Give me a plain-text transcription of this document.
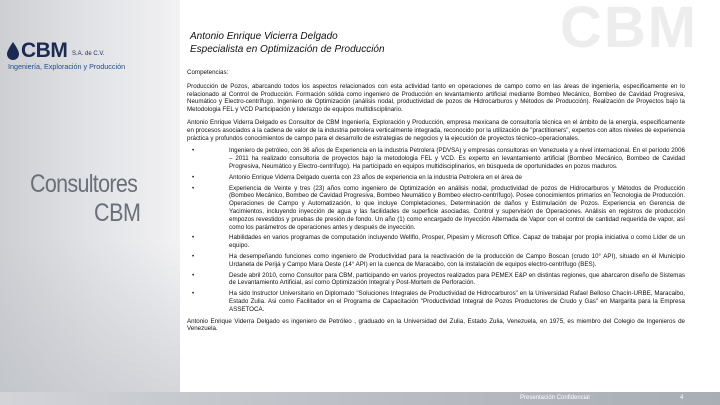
CBM S.A. de C.V.
Ingeniería, Exploración y Producción
Consultores
CBM
CBM
Antonio Enrique Vicierra Delgado
Especialista en Optimización de Producción

Competencias:

Producción de Pozos, abarcando todos los aspectos relacionados con esta actividad tanto en operaciones de campo como en las áreas de ingeniería, especificamente en lo relacionado al Control de Producción. Formación sólida como ingeniero de Producción en levantamiento artificial mediante Bombeo Mecánico, Bombeo de Cavidad Progresiva, Neumático y Electro-centrífugo. Ingeniero de Optimización (análisis nodal, productividad de pozos de Hidrocarburos y Métodos de Producción). Realización de Proyectos bajo la Metodologia FEL y VCD Participación y liderazgo de equipos multidisciplinario.

Antonio Enrique Viderra Delgado es Consultor de CBM Ingeniería, Exploración y Producción, empresa mexicana de consultoría técnica en el ámbito de la energía, especificamente en procesos asociados a la cadena de valor de la industria petrolera verticalmente integrada, reconocido por la utilización de "practitioners", expertos con altos niveles de experiencia práctica y profundos conocimientos de campo para el desarrollo de estrategias de negocios y la ejecución de proyectos técnico–operacionales.

•	Ingeniero de petróleo, con 36 años de Experiencia en la industria Petrolera (PDVSA) y empresas consultoras en Venezuela y a nivel internacional. En el período 2006 – 2011 ha realizado consultoria de proyectos bajo la metodologia FEL y VCD. Es experto en levantamiento artificial (Bombeo Mecánico, Bombeo de Cavidad Progresiva, Neumático y Electro-centrífugo). Ha participado en equipos multidisciplinarios, en búsqueda de oportunidades en pozos maduros.
•	Antonio Enrique Viderra Delgado cuenta con 23 años de experiencia en la industria Petrolera en el área de
•	Experiencia de Veinte y tres (23) años como ingeniero de Optimización en análisis nodal, productividad de pozos de Hidrocarburos y Métodos de Producción (Bombeo Mecánico, Bombeo de Cavidad Progresiva, Bombeo Neumático y Bombeo electro-centrífugo). Posee conocimientos primarios en Tecnologia de Producción. Operaciones de Campo y Automatización, lo que incluye Completaciones, Determinación de daños y Estimulación de Pozos. Experiencia en Gerencia de Yacimientos, incluyendo inyección de agua y las facilidades de superficie asociadas. Control y supervisión de Operaciones. Análisis en registros de producción empozos revestidos y pruebas de presión de fondo. Un año (1) como encargado de Inyección Alternada de Vapor con el control de cantidad requerida de vapor, así como los parámetros de operaciones antes y después de inyección.
•	Habilidades en varios programas de computación incluyendo Wellflo, Prosper, Pipesim y Microsoft Office. Capaz de trabajar por propia iniciativa o como Líder de un equipo.
•	Ha desempeñando funciones como ingeniero de Productividad para la reactivación de la producción de Campo Boscan (crudo 10° API), situado en el Municipio Urdaneta de Perijá y Campo Mara Oeste (14° API) en la cuenca de Maracaibo, con la instalación de equipos electro-centrífugo (BES).
•	Desde abril 2010, como Consultor para CBM, participando en varios proyectos realizados para PEMEX E&P en distintas regiones, que abarcaron diseño de Sistemas de Levantamiento Artificial, así como Optimización Integral y Post-Mortem de Perforación.
•	Ha sido Instructor Universitario en Diplomado "Soluciones Integrales de Productividad de Hidrocarburos" en la Universidad Rafael Belloso Chacín-URBE, Maracaibo, Estado Zulia. Asi como Facilitador en el Programa de Capacitación "Productividad Integral de Pozos Productores de Crudo y Gas" en Margarita para la Empresa ASSETOCA.

Antonio Enrique Viderra Delgado es ingeniero de Petróleo , graduado en la Universidad del Zulia, Estado Zulia, Venezuela, en 1975, es miembro del Colegio de Ingenieros de Venezuela.

Presentación Confidencial	4
